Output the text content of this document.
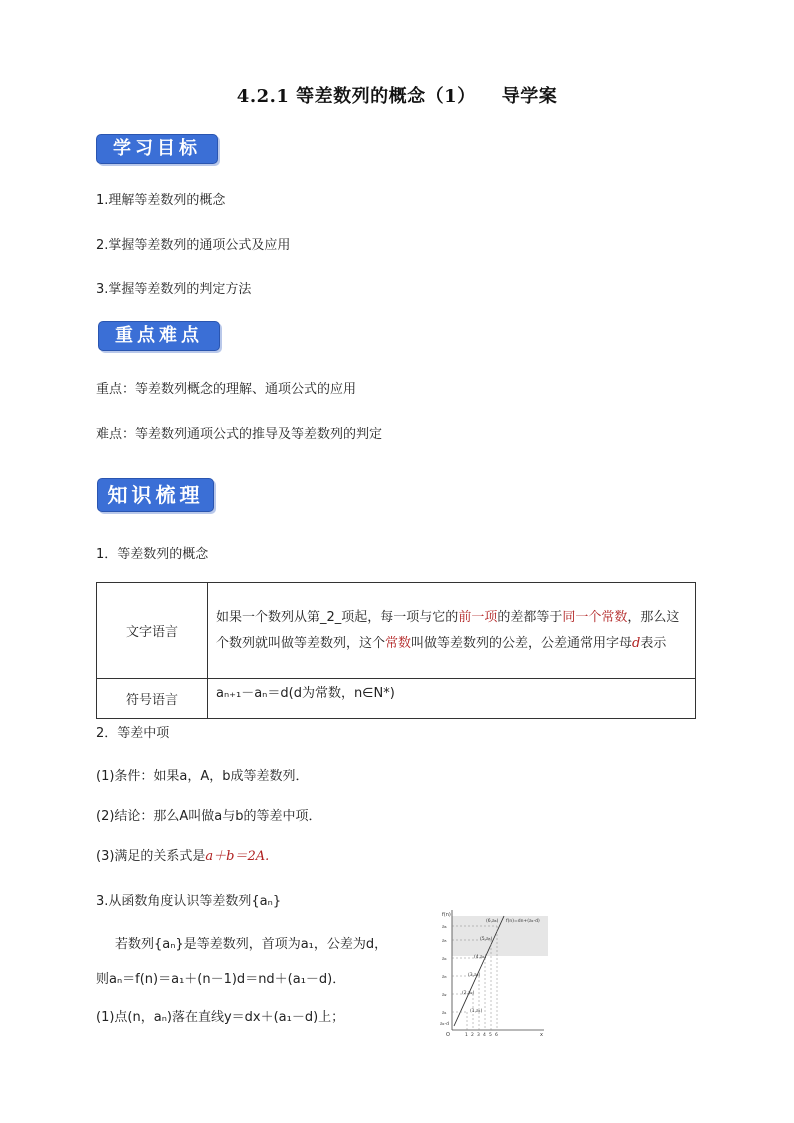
4.2.1 等差数列的概念（1） 导学案
学习目标
1.理解等差数列的概念
2.掌握等差数列的通项公式及应用
3.掌握等差数列的判定方法
重点难点
重点：等差数列概念的理解、通项公式的应用
难点：等差数列通项公式的推导及等差数列的判定
知识梳理
1．等差数列的概念
文字语言	如果一个数列从第_2_项起，每一项与它的前一项的差都等于同一个常数，那么这个数列就叫做等差数列，这个常数叫做等差数列的公差，公差通常用字母d表示
符号语言	aₙ₊₁－aₙ＝d(d为常数，n∈N*)
2．等差中项
(1)条件：如果a，A，b成等差数列．
(2)结论：那么A叫做a与b的等差中项．
(3)满足的关系式是a＋b＝2A.
3.从函数角度认识等差数列{aₙ}
若数列{aₙ}是等差数列，首项为a₁，公差为d，
则aₙ＝f(n)＝a₁＋(n－1)d＝nd＋(a₁－d)．
(1)点(n，aₙ)落在直线y＝dx＋(a₁－d)上；
f(n)
f(n)=dn+(a₁-d)
(1,a₁)
(2,a₂)
(3,a₃)
(4,a₄)
(5,a₅)
(6,a₆)
a₆
a₅
a₄
a₃
a₂
a₁
a₁-d
1 2 3 4 5 6
O	x
